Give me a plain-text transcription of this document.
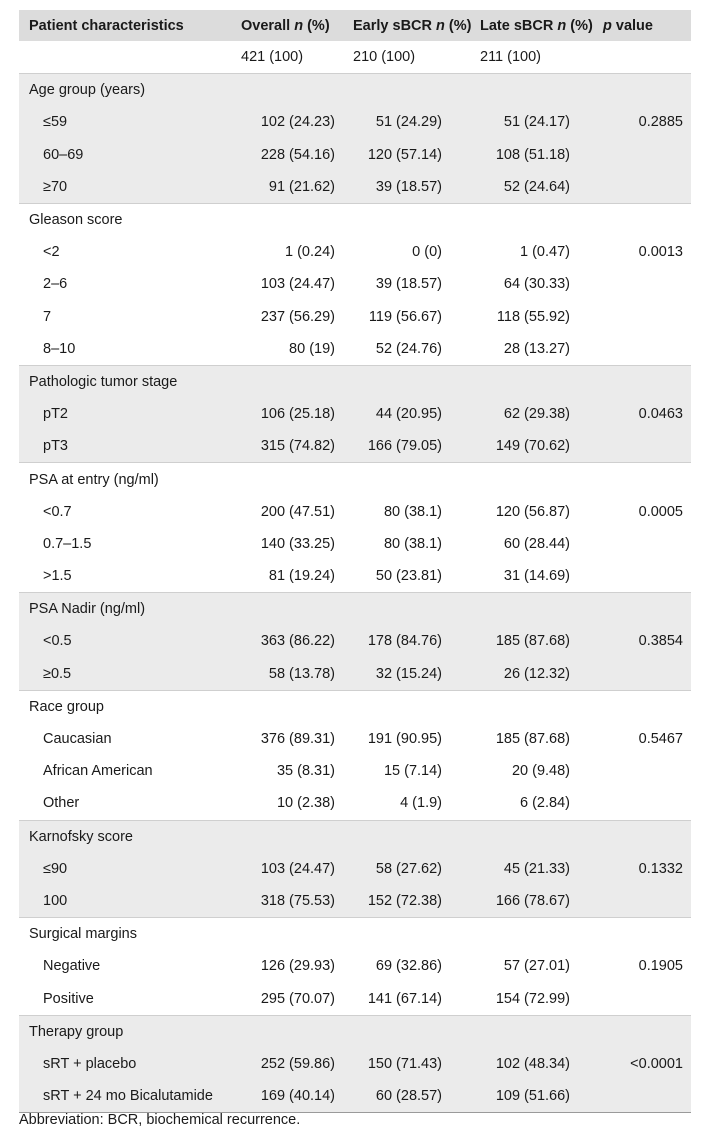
Patient characteristics	Overall n (%)	Early sBCR n (%)	Late sBCR n (%)	p value
	421 (100)	210 (100)	211 (100)	
Age group (years)				
≤59	102 (24.23)	51 (24.29)	51 (24.17)	0.2885
60–69	228 (54.16)	120 (57.14)	108 (51.18)	
≥70	91 (21.62)	39 (18.57)	52 (24.64)	
Gleason score				
<2	1 (0.24)	0 (0)	1 (0.47)	0.0013
2–6	103 (24.47)	39 (18.57)	64 (30.33)	
7	237 (56.29)	119 (56.67)	118 (55.92)	
8–10	80 (19)	52 (24.76)	28 (13.27)	
Pathologic tumor stage				
pT2	106 (25.18)	44 (20.95)	62 (29.38)	0.0463
pT3	315 (74.82)	166 (79.05)	149 (70.62)	
PSA at entry (ng/ml)				
<0.7	200 (47.51)	80 (38.1)	120 (56.87)	0.0005
0.7–1.5	140 (33.25)	80 (38.1)	60 (28.44)	
>1.5	81 (19.24)	50 (23.81)	31 (14.69)	
PSA Nadir (ng/ml)				
<0.5	363 (86.22)	178 (84.76)	185 (87.68)	0.3854
≥0.5	58 (13.78)	32 (15.24)	26 (12.32)	
Race group				
Caucasian	376 (89.31)	191 (90.95)	185 (87.68)	0.5467
African American	35 (8.31)	15 (7.14)	20 (9.48)	
Other	10 (2.38)	4 (1.9)	6 (2.84)	
Karnofsky score				
≤90	103 (24.47)	58 (27.62)	45 (21.33)	0.1332
100	318 (75.53)	152 (72.38)	166 (78.67)	
Surgical margins				
Negative	126 (29.93)	69 (32.86)	57 (27.01)	0.1905
Positive	295 (70.07)	141 (67.14)	154 (72.99)	
Therapy group				
sRT + placebo	252 (59.86)	150 (71.43)	102 (48.34)	<0.0001
sRT + 24 mo Bicalutamide	169 (40.14)	60 (28.57)	109 (51.66)	
Abbreviation: BCR, biochemical recurrence.
